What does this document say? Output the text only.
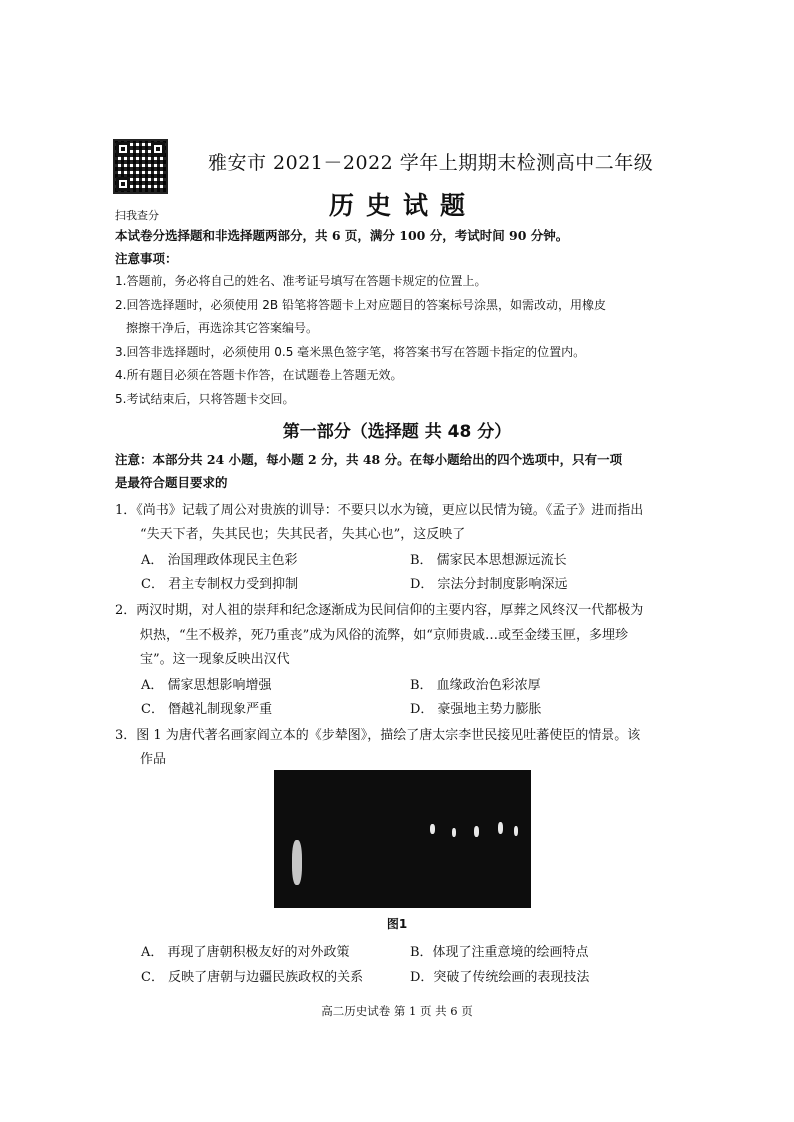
扫我查分
雅安市 2021－2022 学年上期期末检测高中二年级
历史试题
本试卷分选择题和非选择题两部分，共 6 页，满分 100 分，考试时间 90 分钟。
注意事项：
1.答题前，务必将自己的姓名、准考证号填写在答题卡规定的位置上。
2.回答选择题时，必须使用 2B 铅笔将答题卡上对应题目的答案标号涂黑，如需改动，用橡皮
擦擦干净后，再选涂其它答案编号。
3.回答非选择题时，必须使用 0.5 毫米黑色签字笔，将答案书写在答题卡指定的位置内。
4.所有题目必须在答题卡作答，在试题卷上答题无效。
5.考试结束后，只将答题卡交回。
第一部分（选择题 共 48 分）
注意：本部分共 24 小题，每小题 2 分，共 48 分。在每小题给出的四个选项中，只有一项
是最符合题目要求的
1．《尚书》记载了周公对贵族的训导：不要只以水为镜，更应以民情为镜。《孟子》进而指出
“失天下者，失其民也；失其民者，失其心也”，这反映了
A． 治国理政体现民主色彩	B． 儒家民本思想源远流长
C． 君主专制权力受到抑制	D． 宗法分封制度影响深远
2．两汉时期，对人祖的崇拜和纪念逐渐成为民间信仰的主要内容，厚葬之风终汉一代都极为
炽热，“生不极养，死乃重丧”成为风俗的流弊，如“京师贵戚…或至金缕玉匣，多埋珍
宝”。这一现象反映出汉代
A． 儒家思想影响增强	B． 血缘政治色彩浓厚
C． 僭越礼制现象严重	D． 豪强地主势力膨胀
3．图 1 为唐代著名画家阎立本的《步辇图》，描绘了唐太宗李世民接见吐蕃使臣的情景。该
作品
图1
A． 再现了唐朝积极友好的对外政策	B．体现了注重意境的绘画特点
C． 反映了唐朝与边疆民族政权的关系	D．突破了传统绘画的表现技法
高二历史试卷 第 1 页 共 6 页
